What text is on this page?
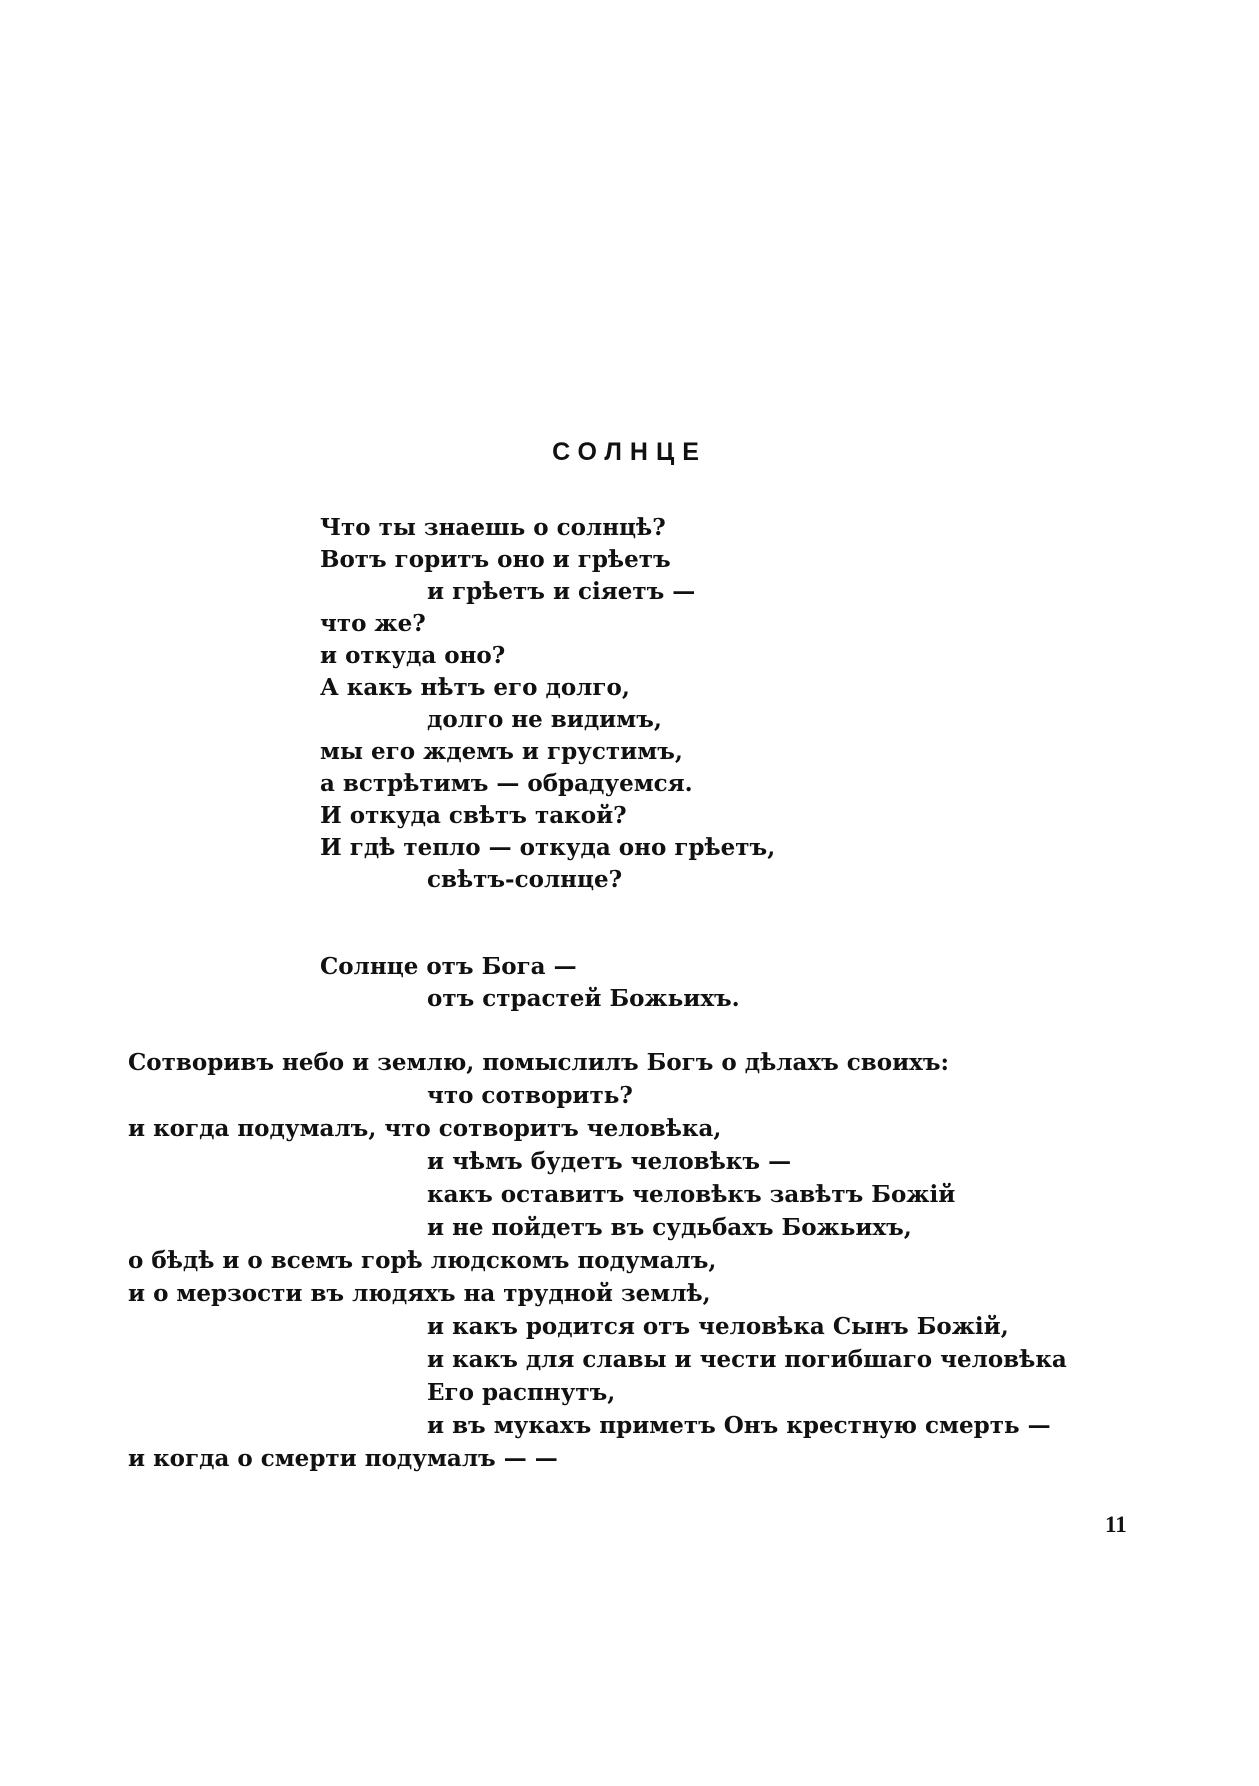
СОЛНЦЕ
Что ты знаешь о солнцѣ?
Вотъ горитъ оно и грѣетъ
и грѣетъ и сіяетъ —
что же?
и откуда оно?
А какъ нѣтъ его долго,
долго не видимъ,
мы его ждемъ и грустимъ,
а встрѣтимъ — обрадуемся.
И откуда свѣтъ такой?
И гдѣ тепло — откуда оно грѣетъ,
свѣтъ-солнце?
Солнце отъ Бога —
отъ страстей Божьихъ.
Сотворивъ небо и землю, помыслилъ Богъ о дѣлахъ своихъ:
что сотворить?
и когда подумалъ, что сотворитъ человѣка,
и чѣмъ будетъ человѣкъ —
какъ оставитъ человѣкъ завѣтъ Божій
и не пойдетъ въ судьбахъ Божьихъ,
о бѣдѣ и о всемъ горѣ людскомъ подумалъ,
и о мерзости въ людяхъ на трудной землѣ,
и какъ родится отъ человѣка Сынъ Божій,
и какъ для славы и чести погибшаго человѣка
Его распнутъ,
и въ мукахъ приметъ Онъ крестную смерть —
и когда о смерти подумалъ — —
11
